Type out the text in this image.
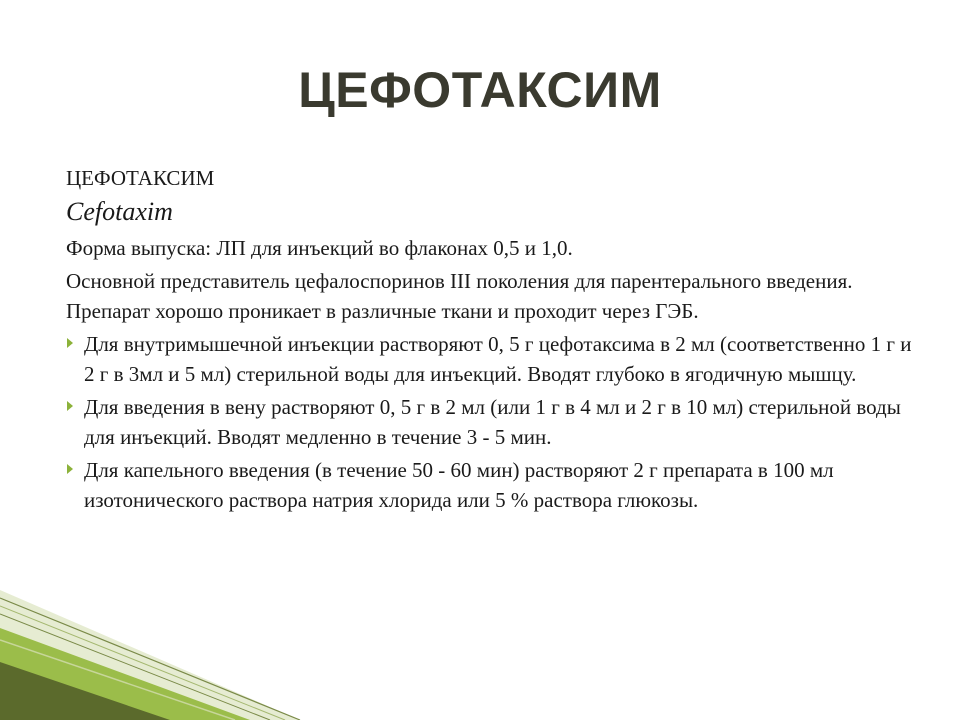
ЦЕФОТАКСИМ

ЦЕФОТАКСИМ

Cefotaxim

Форма выпуска: ЛП для инъекций во флаконах 0,5 и 1,0.

Основной представитель цефалоспоринов III поколения для парентерального введения. Препарат хорошо проникает в различные ткани и проходит через ГЭБ.

Для внутримышечной инъекции растворяют 0, 5 г цефотаксима в 2 мл (соответственно 1 г и 2 г в 3мл и 5 мл) стерильной воды для инъекций. Вводят глубоко в ягодичную мышцу.
Для введения в вену растворяют 0, 5 г в 2 мл (или 1 г в 4 мл и 2 г в 10 мл) стерильной воды для инъекций. Вводят медленно в течение 3 - 5 мин.
Для капельного введения (в течение 50 - 60 мин) растворяют 2 г препарата в 100 мл изотонического раствора натрия хлорида или 5 % раствора глюкозы.
